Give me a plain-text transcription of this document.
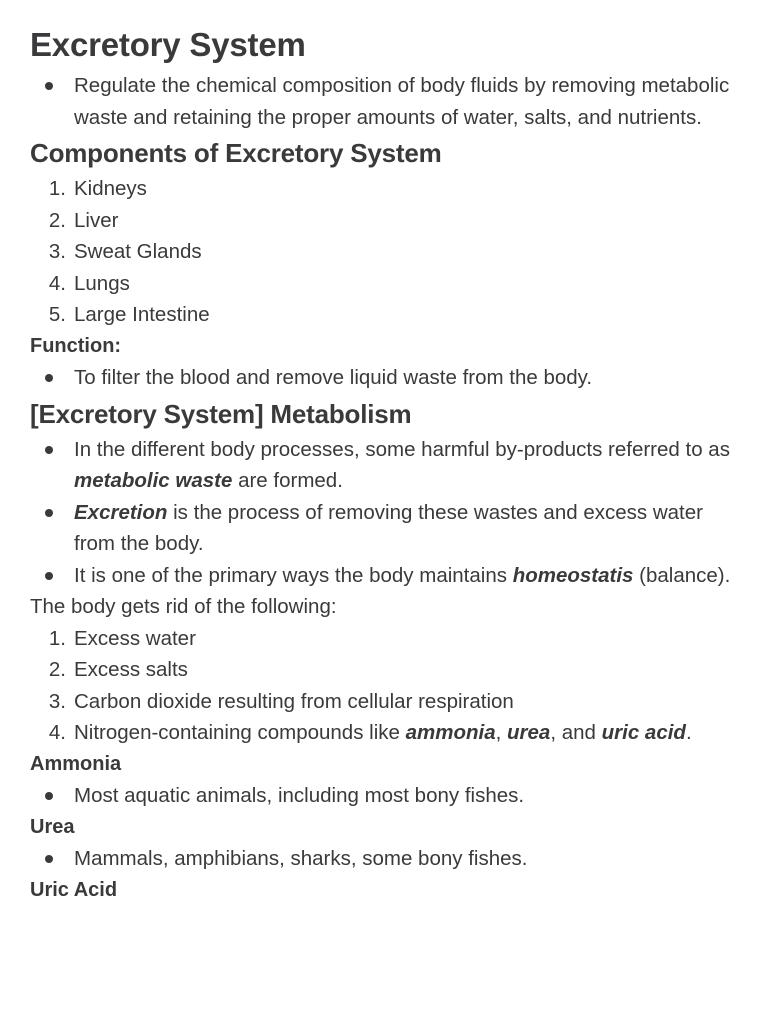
Excretory System
Regulate the chemical composition of body fluids by removing metabolic waste and retaining the proper amounts of water, salts, and nutrients.
Components of Excretory System
1. Kidneys
2. Liver
3. Sweat Glands
4. Lungs
5. Large Intestine

Function:

To filter the blood and remove liquid waste from the body.
[Excretory System] Metabolism
In the different body processes, some harmful by-products referred to as metabolic waste are formed.
Excretion is the process of removing these wastes and excess water from the body.
It is one of the primary ways the body maintains homeostatis (balance).

The body gets rid of the following:

1. Excess water
2. Excess salts
3. Carbon dioxide resulting from cellular respiration
4. Nitrogen-containing compounds like ammonia, urea, and uric acid.

Ammonia

Most aquatic animals, including most bony fishes.

Urea

Mammals, amphibians, sharks, some bony fishes.

Uric Acid
